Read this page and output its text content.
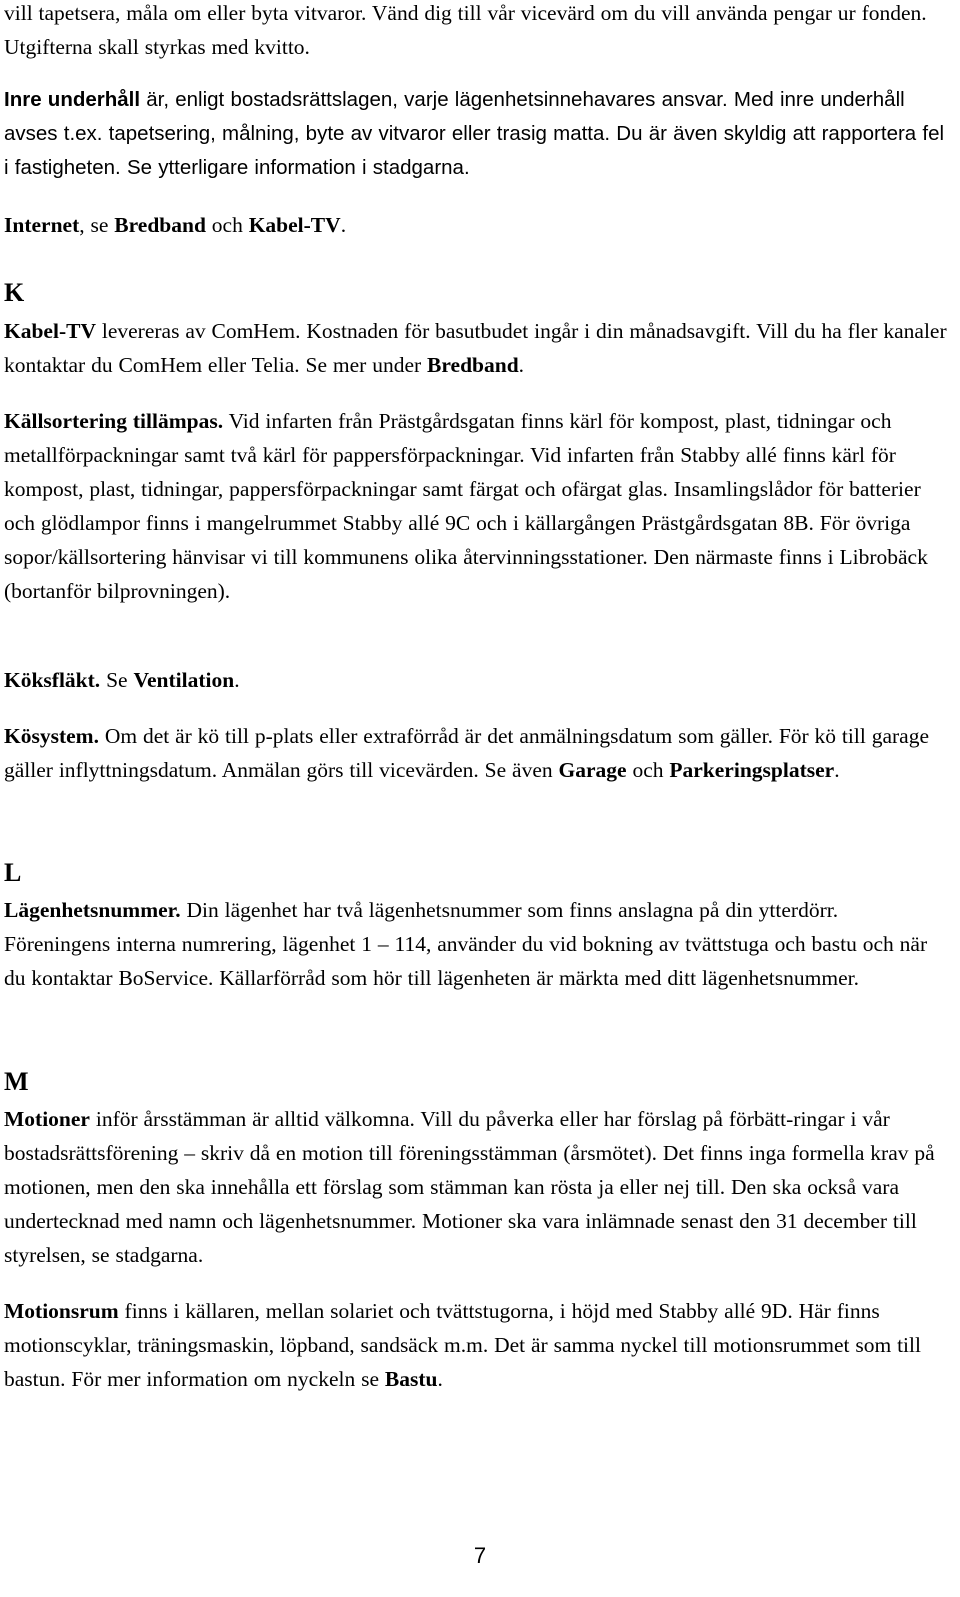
vill tapetsera, måla om eller byta vitvaror. Vänd dig till vår vicevärd om du vill använda pengar ur fonden. Utgifterna skall styrkas med kvitto.

Inre underhåll är, enligt bostadsrättslagen, varje lägenhetsinnehavares ansvar. Med inre underhåll avses t.ex. tapetsering, målning, byte av vitvaror eller trasig matta. Du är även skyldig att rapportera fel i fastigheten. Se ytterligare information i stadgarna.

Internet, se Bredband och Kabel-TV.

K

Kabel-TV levereras av ComHem. Kostnaden för basutbudet ingår i din månadsavgift. Vill du ha fler kanaler kontaktar du ComHem eller Telia. Se mer under Bredband.

Källsortering tillämpas. Vid infarten från Prästgårdsgatan finns kärl för kompost, plast, tidningar och metallförpackningar samt två kärl för pappersförpackningar. Vid infarten från Stabby allé finns kärl för kompost, plast, tidningar, pappersförpackningar samt färgat och ofärgat glas. Insamlingslådor för batterier och glödlampor finns i mangelrummet Stabby allé 9C och i källargången Prästgårdsgatan 8B. För övriga sopor/källsortering hänvisar vi till kommunens olika återvinningsstationer. Den närmaste finns i Librobäck (bortanför bilprovningen).

Köksfläkt. Se Ventilation.

Kösystem. Om det är kö till p-plats eller extraförråd är det anmälningsdatum som gäller. För kö till garage gäller inflyttningsdatum. Anmälan görs till vicevärden. Se även Garage och Parkeringsplatser.

L

Lägenhetsnummer. Din lägenhet har två lägenhetsnummer som finns anslagna på din ytterdörr. Föreningens interna numrering, lägenhet 1 – 114, använder du vid bokning av tvättstuga och bastu och när du kontaktar BoService. Källarförråd som hör till lägenheten är märkta med ditt lägenhetsnummer.

M

Motioner inför årsstämman är alltid välkomna. Vill du påverka eller har förslag på förbätt-ringar i vår bostadsrättsförening – skriv då en motion till föreningsstämman (årsmötet). Det finns inga formella krav på motionen, men den ska innehålla ett förslag som stämman kan rösta ja eller nej till. Den ska också vara undertecknad med namn och lägenhetsnummer. Motioner ska vara inlämnade senast den 31 december till styrelsen, se stadgarna.

Motionsrum finns i källaren, mellan solariet och tvättstugorna, i höjd med Stabby allé 9D. Här finns motionscyklar, träningsmaskin, löpband, sandsäck m.m. Det är samma nyckel till motionsrummet som till bastun. För mer information om nyckeln se Bastu.

7
